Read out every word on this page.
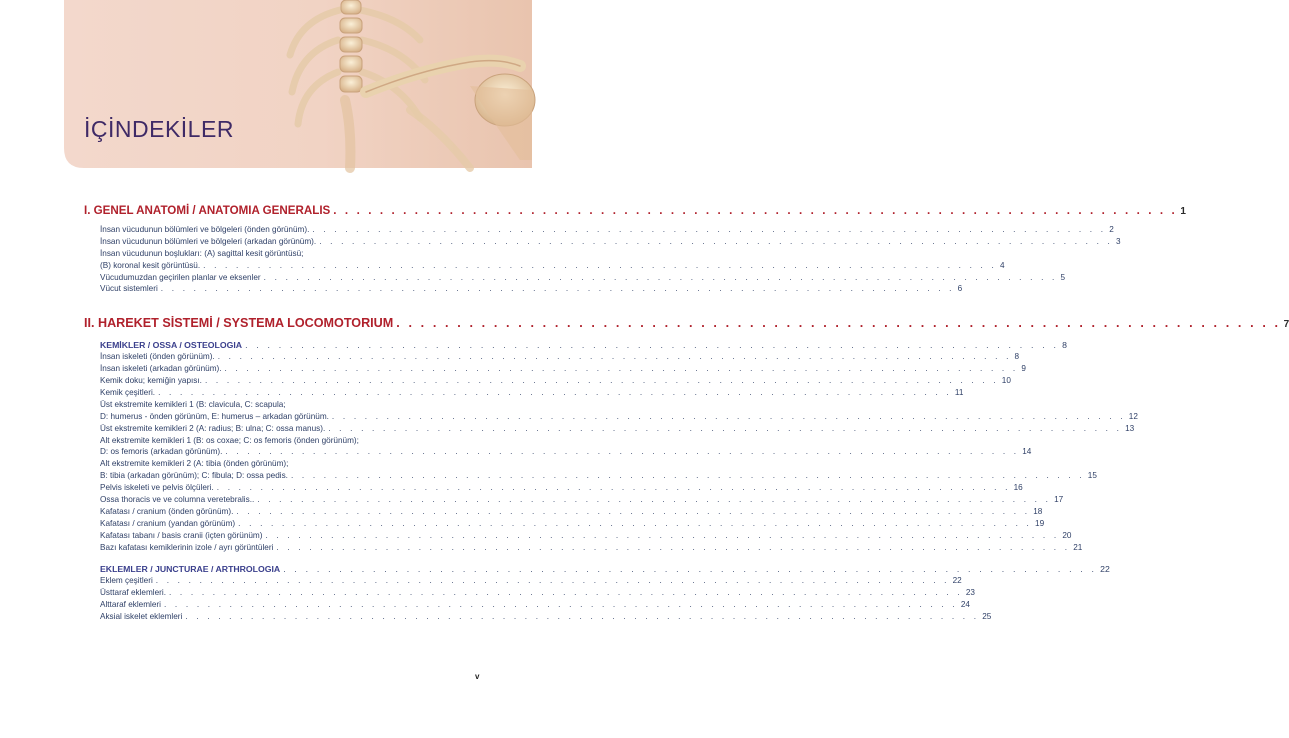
İÇİNDEKİLER
I. GENEL ANATOMİ / ANATOMIA GENERALIS . . . . . . . . . . . . . . . . . . . . . . . . . . . . . . . . . . . . . . . . . . . . . . . . . . . . . . . . . . . . . . . . . . . . . . . . . 1
İnsan vücudunun bölümleri ve bölgeleri (önden görünüm). . . . . . . . . . . . . . . . . . . . . . . . . . . . . . . . . . . . . . . . . . . . . . . . . . . . . . . . . . . . . . . . . . . . . . . . . . 2
İnsan vücudunun bölümleri ve bölgeleri (arkadan görünüm). . . . . . . . . . . . . . . . . . . . . . . . . . . . . . . . . . . . . . . . . . . . . . . . . . . . . . . . . . . . . . . . . . . . . . . . . . 3
İnsan vücudunun boşlukları: (A) sagittal kesit görüntüsü;
(B) koronal kesit görüntüsü. . . . . . . . . . . . . . . . . . . . . . . . . . . . . . . . . . . . . . . . . . . . . . . . . . . . . . . . . . . . . . . . . . . . . . . . . . 4
Vücudumuzdan geçirilen planlar ve eksenler . . . . . . . . . . . . . . . . . . . . . . . . . . . . . . . . . . . . . . . . . . . . . . . . . . . . . . . . . . . . . . . . . . . . . . . . . 5
Vücut sistemleri . . . . . . . . . . . . . . . . . . . . . . . . . . . . . . . . . . . . . . . . . . . . . . . . . . . . . . . . . . . . . . . . . . . . . . . . . 6
II. HAREKET SİSTEMİ / SYSTEMA LOCOMOTORIUM . . . . . . . . . . . . . . . . . . . . . . . . . . . . . . . . . . . . . . . . . . . . . . . . . . . . . . . . . . . . . . . . . . . . . . . . . 7
KEMİKLER / OSSA / OSTEOLOGIA . . . . . . . . . . . . . . . . . . . . . . . . . . . . . . . . . . . . . . . . . . . . . . . . . . . . . . . . . . . . . . . . . . . . . . . . . 8
İnsan iskeleti (önden görünüm). . . . . . . . . . . . . . . . . . . . . . . . . . . . . . . . . . . . . . . . . . . . . . . . . . . . . . . . . . . . . . . . . . . . . . . . . . 8
İnsan iskeleti (arkadan görünüm). . . . . . . . . . . . . . . . . . . . . . . . . . . . . . . . . . . . . . . . . . . . . . . . . . . . . . . . . . . . . . . . . . . . . . . . . . 9
Kemik doku; kemiğin yapısı. . . . . . . . . . . . . . . . . . . . . . . . . . . . . . . . . . . . . . . . . . . . . . . . . . . . . . . . . . . . . . . . . . . . . . . . . . 10
Kemik çeşitleri. . . . . . . . . . . . . . . . . . . . . . . . . . . . . . . . . . . . . . . . . . . . . . . . . . . . . . . . . . . . . . . . . . . . . . . . . . 11
Üst ekstremite kemikleri 1 (B: clavicula, C: scapula;
D: humerus - önden görünüm, E: humerus – arkadan görünüm. . . . . . . . . . . . . . . . . . . . . . . . . . . . . . . . . . . . . . . . . . . . . . . . . . . . . . . . . . . . . . . . . . . . . . . . . . 12
Üst ekstremite kemikleri 2 (A: radius; B: ulna; C: ossa manus). . . . . . . . . . . . . . . . . . . . . . . . . . . . . . . . . . . . . . . . . . . . . . . . . . . . . . . . . . . . . . . . . . . . . . . . . . 13
Alt ekstremite kemikleri 1 (B: os coxae; C: os femoris (önden görünüm);
D: os femoris (arkadan görünüm). . . . . . . . . . . . . . . . . . . . . . . . . . . . . . . . . . . . . . . . . . . . . . . . . . . . . . . . . . . . . . . . . . . . . . . . . . 14
Alt ekstremite kemikleri 2 (A: tibia (önden görünüm);
B: tibia (arkadan görünüm); C: fibula; D: ossa pedis. . . . . . . . . . . . . . . . . . . . . . . . . . . . . . . . . . . . . . . . . . . . . . . . . . . . . . . . . . . . . . . . . . . . . . . . . . 15
Pelvis iskeleti ve pelvis ölçüleri. . . . . . . . . . . . . . . . . . . . . . . . . . . . . . . . . . . . . . . . . . . . . . . . . . . . . . . . . . . . . . . . . . . . . . . . . . 16
Ossa thoracis ve ve columna veretebralis.. . . . . . . . . . . . . . . . . . . . . . . . . . . . . . . . . . . . . . . . . . . . . . . . . . . . . . . . . . . . . . . . . . . . . . . . . . 17
Kafatası / cranium (önden görünüm). . . . . . . . . . . . . . . . . . . . . . . . . . . . . . . . . . . . . . . . . . . . . . . . . . . . . . . . . . . . . . . . . . . . . . . . . . 18
Kafatası / cranium (yandan görünüm) . . . . . . . . . . . . . . . . . . . . . . . . . . . . . . . . . . . . . . . . . . . . . . . . . . . . . . . . . . . . . . . . . . . . . . . . . 19
Kafatası tabanı / basis cranii (içten görünüm) . . . . . . . . . . . . . . . . . . . . . . . . . . . . . . . . . . . . . . . . . . . . . . . . . . . . . . . . . . . . . . . . . . . . . . . . . 20
Bazı kafatası kemiklerinin izole / ayrı görüntüleri . . . . . . . . . . . . . . . . . . . . . . . . . . . . . . . . . . . . . . . . . . . . . . . . . . . . . . . . . . . . . . . . . . . . . . . . . 21
EKLEMLER / JUNCTURAE / ARTHROLOGIA . . . . . . . . . . . . . . . . . . . . . . . . . . . . . . . . . . . . . . . . . . . . . . . . . . . . . . . . . . . . . . . . . . . . . . . . . 22
Eklem çeşitleri . . . . . . . . . . . . . . . . . . . . . . . . . . . . . . . . . . . . . . . . . . . . . . . . . . . . . . . . . . . . . . . . . . . . . . . . . 22
Üsttaraf eklemleri. . . . . . . . . . . . . . . . . . . . . . . . . . . . . . . . . . . . . . . . . . . . . . . . . . . . . . . . . . . . . . . . . . . . . . . . . . 23
Alttaraf eklemleri . . . . . . . . . . . . . . . . . . . . . . . . . . . . . . . . . . . . . . . . . . . . . . . . . . . . . . . . . . . . . . . . . . . . . . . . . 24
Aksial iskelet eklemleri . . . . . . . . . . . . . . . . . . . . . . . . . . . . . . . . . . . . . . . . . . . . . . . . . . . . . . . . . . . . . . . . . . . . . . . . . 25
v
